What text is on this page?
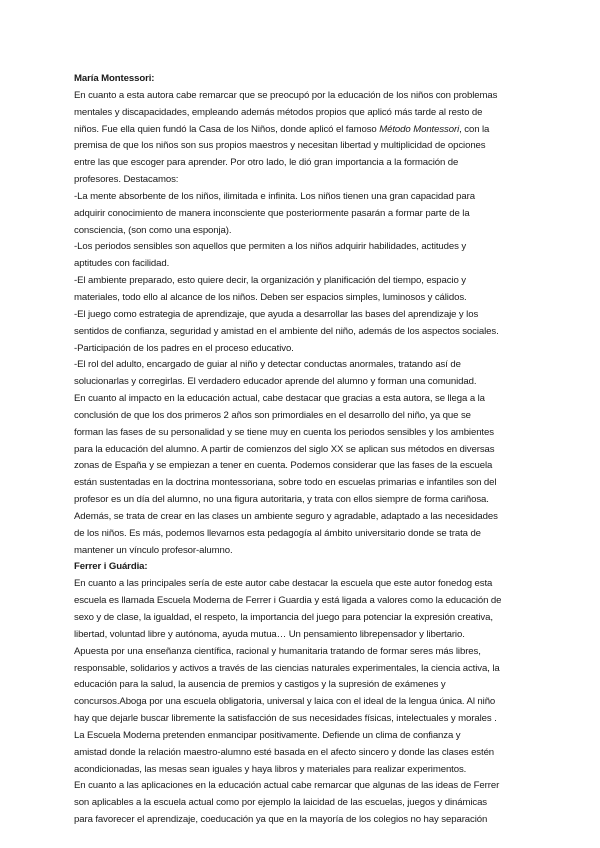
María Montessori:
En cuanto a esta autora cabe remarcar que se preocupó por la educación de los niños con problemas
mentales y discapacidades, empleando además métodos propios que aplicó más tarde al resto de
niños. Fue ella quien fundó la Casa de los Niños, donde aplicó el famoso Método Montessori, con la
premisa de que los niños son sus propios maestros y necesitan libertad y multiplicidad de opciones
entre las que escoger para aprender. Por otro lado, le dió gran importancia a la formación de
profesores. Destacamos:
-La mente absorbente de los niños, ilimitada e infinita. Los niños tienen una gran capacidad para
adquirir conocimiento de manera inconsciente que posteriormente pasarán a formar parte de la
consciencia, (son como una esponja).
-Los periodos sensibles son aquellos que permiten a los niños adquirir habilidades, actitudes y
aptitudes con facilidad.
-El ambiente preparado, esto quiere decir, la organización y planificación del tiempo, espacio y
materiales, todo ello al alcance de los niños. Deben ser espacios simples, luminosos y cálidos.
-El juego como estrategia de aprendizaje, que ayuda a desarrollar las bases del aprendizaje y los
sentidos de confianza, seguridad y amistad en el ambiente del niño, además de los aspectos sociales.
-Participación de los padres en el proceso educativo.
-El rol del adulto, encargado de guiar al niño y detectar conductas anormales, tratando así de
solucionarlas y corregirlas. El verdadero educador aprende del alumno y forman una comunidad.
En cuanto al impacto en la educación actual, cabe destacar que gracias a esta autora, se llega a la
conclusión de que los dos primeros 2 años son primordiales en el desarrollo del niño, ya que se
forman las fases de su personalidad y se tiene muy en cuenta los periodos sensibles y los ambientes
para la educación del alumno. A partir de comienzos del siglo XX se aplican sus métodos en diversas
zonas de España y se empiezan a tener en cuenta. Podemos considerar que las fases de la escuela
están sustentadas en la doctrina montessoriana, sobre todo en escuelas primarias e infantiles son del
profesor es un día del alumno, no una figura autoritaria, y trata con ellos siempre de forma cariñosa.
Además, se trata de crear en las clases un ambiente seguro y agradable, adaptado a las necesidades
de los niños. Es más, podemos llevarnos esta pedagogía al ámbito universitario donde se trata de
mantener un vínculo profesor-alumno.
Ferrer i Guárdia:
En cuanto a las principales sería de este autor cabe destacar la escuela que este autor fonedog esta
escuela es llamada Escuela Moderna de Ferrer i Guardia y está ligada a valores como la educación de
sexo y de clase, la igualdad, el respeto, la importancia del juego para potenciar la expresión creativa,
libertad, voluntad libre y autónoma, ayuda mutua… Un pensamiento librepensador y libertario.
Apuesta por una enseñanza científica, racional y humanitaria tratando de formar seres más libres,
responsable, solidarios y activos a través de las ciencias naturales experimentales, la ciencia activa, la
educación para la salud, la ausencia de premios y castigos y la supresión de exámenes y
concursos.Aboga por una escuela obligatoria, universal y laica con el ideal de la lengua única. Al niño
hay que dejarle buscar libremente la satisfacción de sus necesidades físicas, intelectuales y morales .
La Escuela Moderna pretenden enmancipar positivamente. Defiende un clima de confianza y
amistad donde la relación maestro-alumno esté basada en el afecto sincero y donde las clases estén
acondicionadas, las mesas sean iguales y haya libros y materiales para realizar experimentos.
En cuanto a las aplicaciones en la educación actual cabe remarcar que algunas de las ideas de Ferrer
son aplicables a la escuela actual como por ejemplo la laicidad de las escuelas, juegos y dinámicas
para favorecer el aprendizaje, coeducación ya que en la mayoría de los colegios no hay separación
